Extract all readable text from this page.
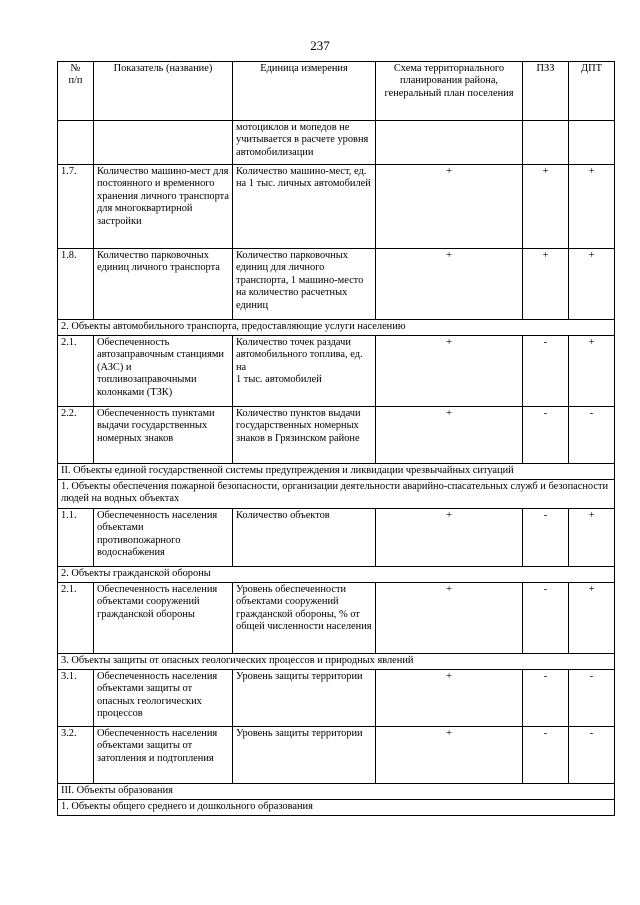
237
№
п/п	Показатель (название)	Единица измерения	Схема территориального планирования района, генеральный план поселения	ПЗЗ	ДПТ
		мотоциклов и мопедов не учитывается в расчете уровня автомобилизации			
1.7.	Количество машино-мест для постоянного и временного хранения личного транспорта для многоквартирной застройки	Количество машино-мест, ед. на 1 тыс. личных автомобилей	+	+	+
1.8.	Количество парковочных единиц личного транспорта	Количество парковочных единиц для личного транспорта, 1 машино-место на количество расчетных единиц	+	+	+
2. Объекты автомобильного транспорта, предоставляющие услуги населению					
2.1.	Обеспеченность автозаправочным станциями (АЗС) и топливозаправочными колонками (ТЗК)	Количество точек раздачи автомобильного топлива, ед. на
1 тыс. автомобилей	+	-	+
2.2.	Обеспеченность пунктами выдачи государственных номерных знаков	Количество пунктов выдачи государственных номерных знаков в Грязинском районе	+	-	-
II. Объекты единой государственной системы предупреждения и ликвидации чрезвычайных ситуаций					
1. Объекты обеспечения пожарной безопасности, организации деятельности аварийно-спасательных служб и безопасности людей на водных объектах					
1.1.	Обеспеченность населения объектами противопожарного водоснабжения	Количество объектов	+	-	+
2. Объекты гражданской обороны					
2.1.	Обеспеченность населения объектами сооружений гражданской обороны	Уровень обеспеченности объектами сооружений гражданской обороны, % от общей численности населения	+	-	+
3. Объекты защиты от опасных геологических процессов и природных явлений					
3.1.	Обеспеченность населения объектами защиты от опасных геологических процессов	Уровень защиты территории	+	-	-
3.2.	Обеспеченность населения объектами защиты от затопления и подтопления	Уровень защиты территории	+	-	-
III. Объекты образования					
1. Объекты общего среднего и дошкольного образования					
